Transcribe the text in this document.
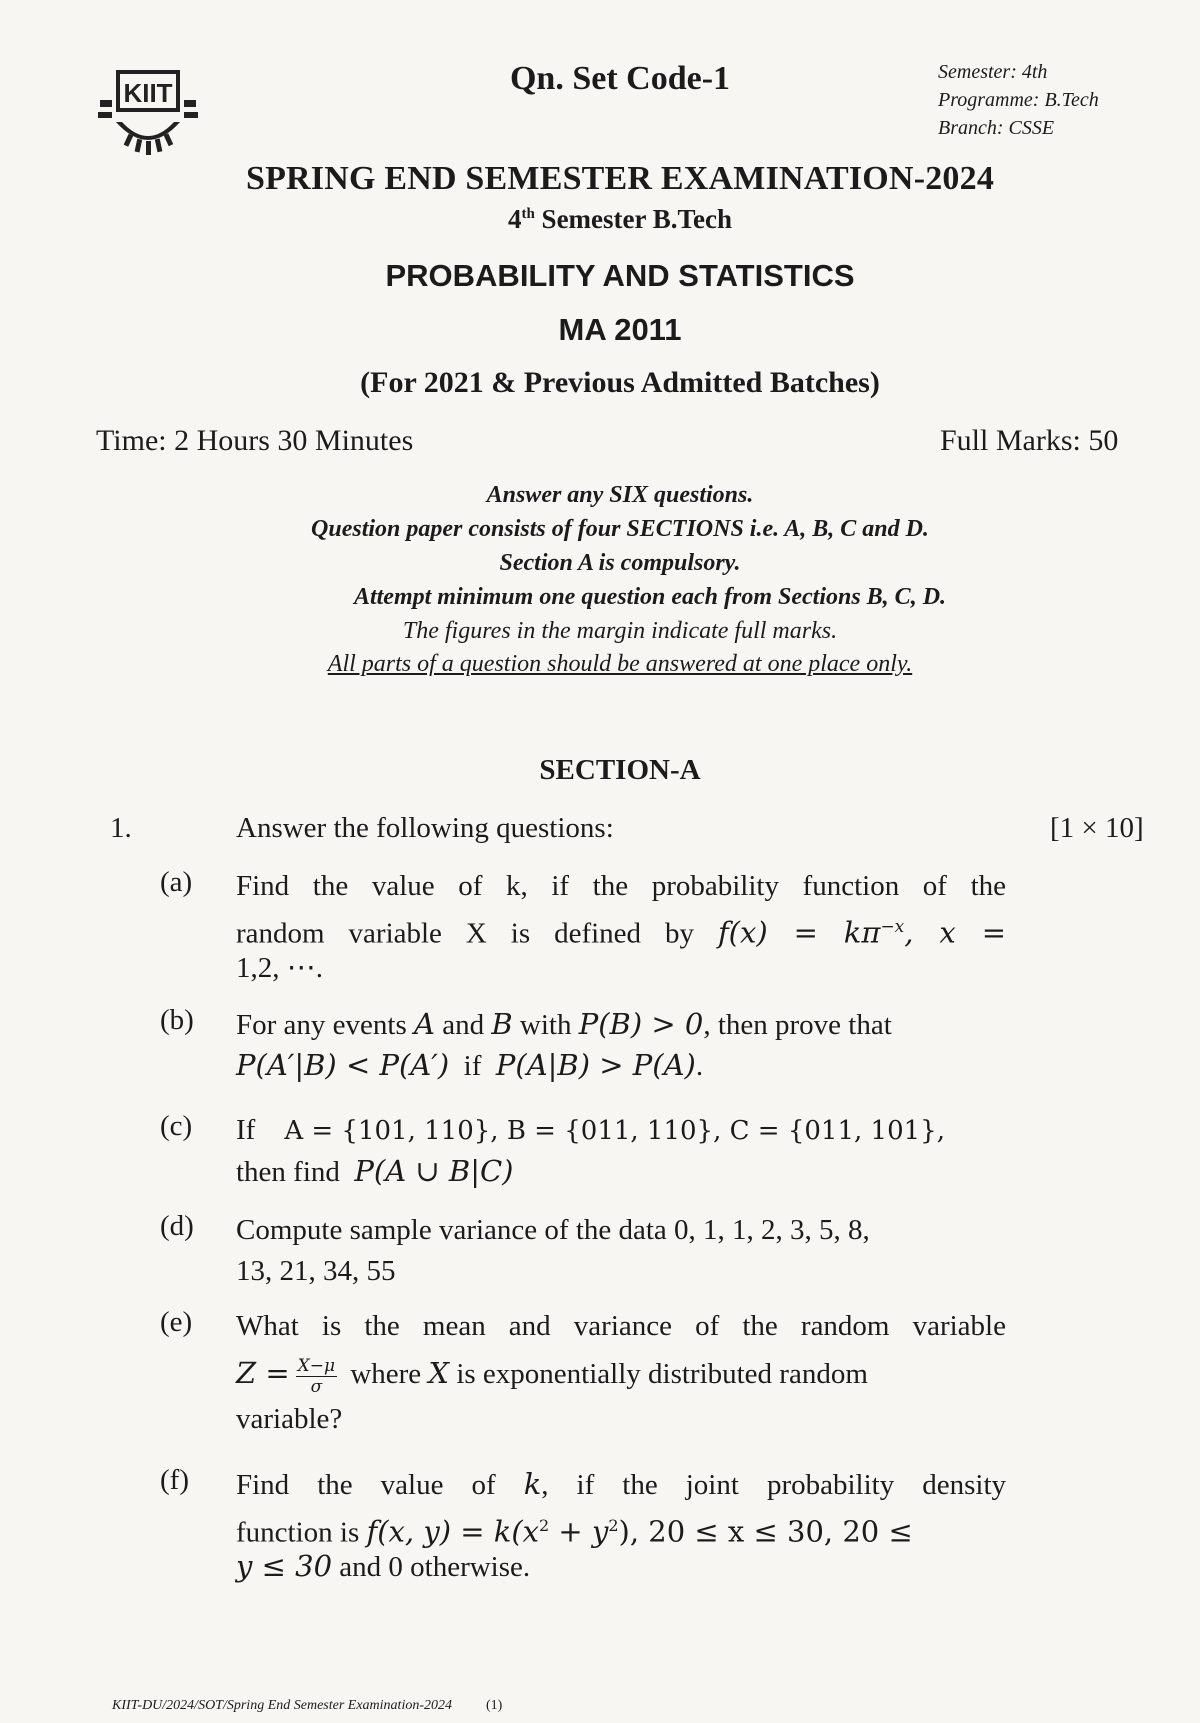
KIIT	Qn. Set Code-1	Semester: 4th
Programme: B.Tech
Branch: CSSE
SPRING END SEMESTER EXAMINATION-2024
4th Semester B.Tech
PROBABILITY AND STATISTICS
MA 2011
(For 2021 & Previous Admitted Batches)
Time: 2 Hours 30 Minutes	Full Marks: 50
Answer any SIX questions.
Question paper consists of four SECTIONS i.e. A, B, C and D.
Section A is compulsory.
Attempt minimum one question each from Sections B, C, D.
The figures in the margin indicate full marks.
All parts of a question should be answered at one place only.
SECTION-A
1.	Answer the following questions:	[1 × 10]
(a)	Find the value of k, if the probability function of the
random variable X is defined by $f(x) = k\pi^{-x}$, x =
1,2, ⋯.
(b)	For any events A and B with P(B) > 0, then prove that
P(A′|B) < P(A′)  if  P(A|B) > P(A).
(c)	If    A = {101, 110}, B = {011, 110}, C = {011, 101},
then find  P(A ∪ B|C)
(d)	Compute sample variance of the data 0, 1, 1, 2, 3, 5, 8,
13, 21, 34, 55
(e)	What is the mean and variance of the random variable
$Z = \frac{X-\mu}{\sigma}$ where X is exponentially distributed random
variable?
(f)	Find the value of k, if the joint probability density
function is f(x, $y) = k(x^2 + y^2)$, 20 ≤ x ≤ 30, 20 ≤
y ≤ 30 and 0 otherwise.
KIIT-DU/2024/SOT/Spring End Semester Examination-2024 (1)
